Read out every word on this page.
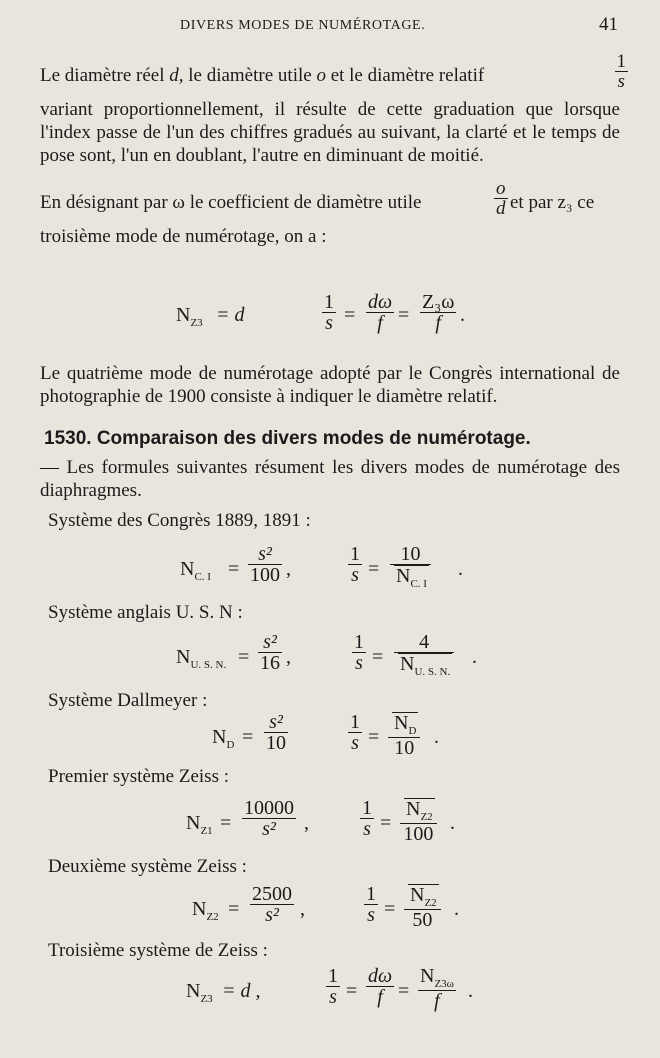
DIVERS MODES DE NUMÉROTAGE.	41

Le diamètre réel d, le diamètre utile o et le diamètre relatif	$\frac{1}{s}$

variant proportionnellement, il résulte de cette graduation que lorsque l'index passe de l'un des chiffres gradués au suivant, la clarté et le temps de pose sont, l'un en doublant, l'autre en diminuant de moitié.

En désignant par ω le coefficient de diamètre utile	$\frac{o}{d}$ et par z₃ ce

troisième mode de numérotage, on a :

$N_{Z3} = d$	$\frac{1}{s} = \frac{d\omega}{f} = \frac{\text{Z₃ω}}{f}$ .

Le quatrième mode de numérotage adopté par le Congrès international de photographie de 1900 consiste à indiquer le diamètre relatif.

1530. Comparaison des divers modes de numérotage.

— Les formules suivantes résument les divers modes de numérotage des diaphragmes.

Système des Congrès 1889, 1891 :
$N_{C. I} = \frac{\text{s²}}{100}$ ,	$\frac{1}{s} = \frac{10}{N_{C. I}}$ .
Système anglais U. S. N :
$N_{U. S. N.} = \frac{\text{s²}}{16}$ ,	$\frac{1}{s} = \frac{4}{N_{U. S. N.}}$ .
Système Dallmeyer :
$N_D = \frac{\text{s²}}{10}$	$\frac{1}{s} = \frac{N_D}{10}$ .
Premier système Zeiss :
$N_{Z1} = \frac{10000}{\text{s²}}$ ,	$\frac{1}{s} = \frac{N_{Z2}}{100}$ .
Deuxième système Zeiss :
$N_{Z2} = \frac{2500}{\text{s²}}$ ,	$\frac{1}{s} = \frac{N_{Z2}}{50}$ .
Troisième système de Zeiss :
$N_{Z3} = d$ ,	$\frac{1}{s} = \frac{d\omega}{f} = \frac{N_{Z3\omega}}{f}$ .
